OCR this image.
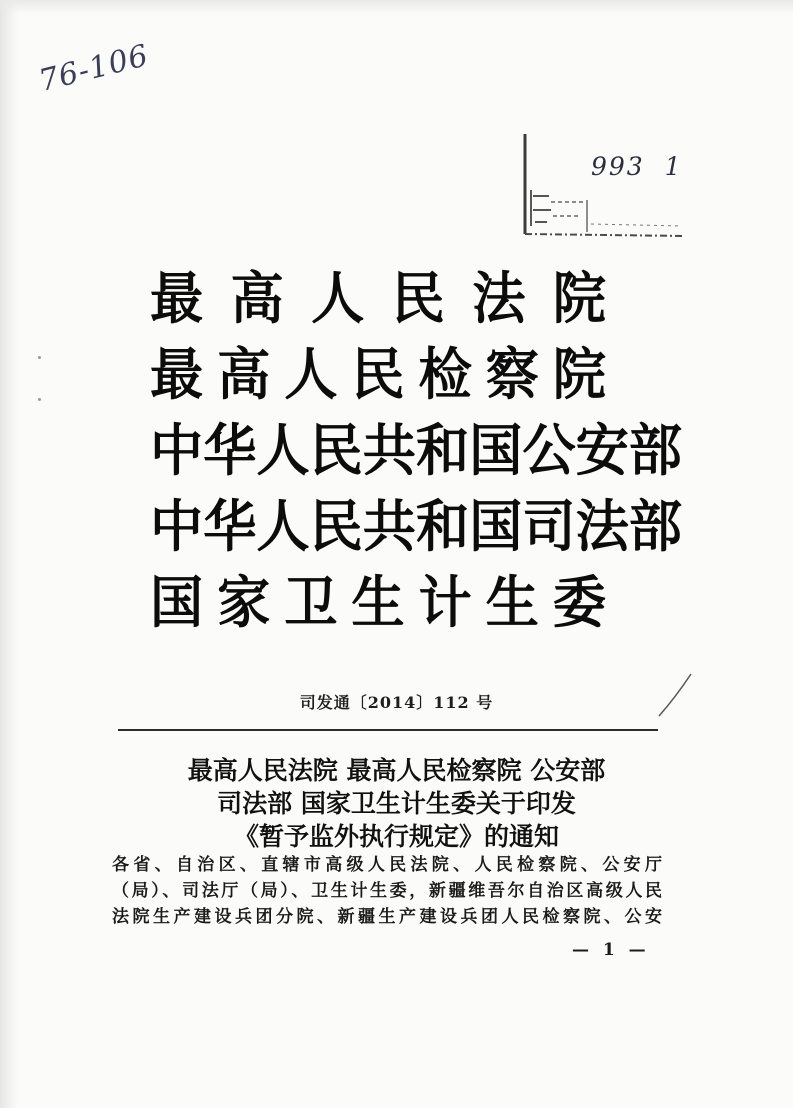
76-106
993  1
最高人民法院
最高人民检察院
中华人民共和国公安部
中华人民共和国司法部
国家卫生计生委
司发通〔2014〕112 号
最高人民法院 最高人民检察院 公安部
司法部 国家卫生计生委关于印发
《暂予监外执行规定》的通知
各省、自治区、直辖市高级人民法院、人民检察院、公安厅
（局）、司法厅（局）、卫生计生委，新疆维吾尔自治区高级人民
法院生产建设兵团分院、新疆生产建设兵团人民检察院、公安
— 1 —
